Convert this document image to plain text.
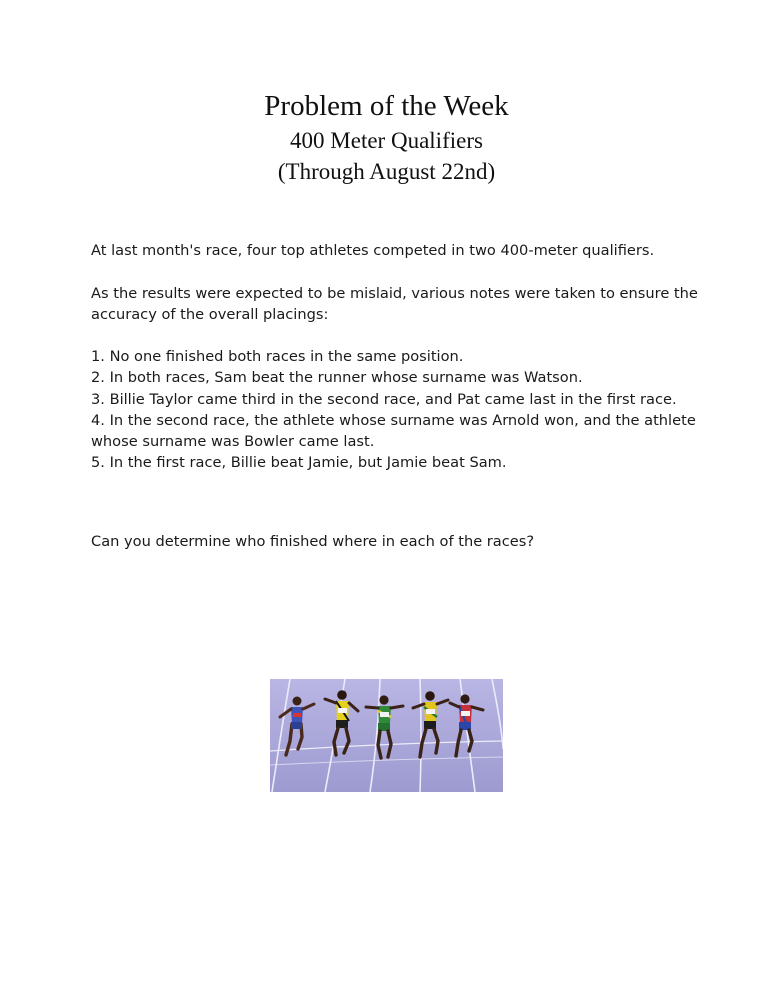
Problem of the Week
400 Meter Qualifiers
(Through August 22nd)

At last month's race, four top athletes competed in two 400-meter qualifiers.

As the results were expected to be mislaid, various notes were taken to ensure the accuracy of the overall placings:

1. No one finished both races in the same position.
2. In both races, Sam beat the runner whose surname was Watson.
3. Billie Taylor came third in the second race, and Pat came last in the first race.
4. In the second race, the athlete whose surname was Arnold won, and the athlete whose surname was Bowler came last.
5. In the first race, Billie beat Jamie, but Jamie beat Sam.

Can you determine who finished where in each of the races?
